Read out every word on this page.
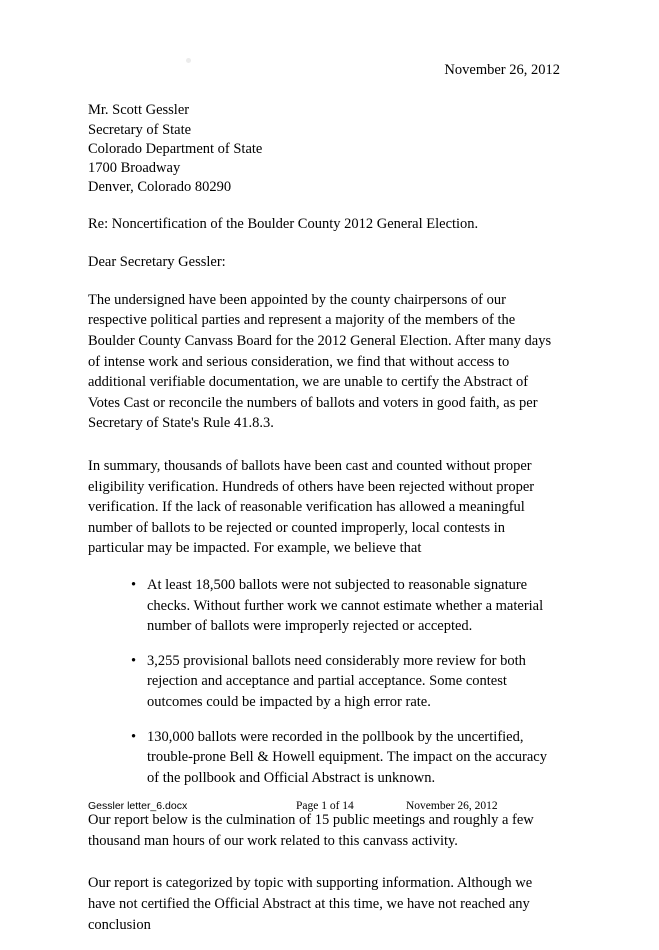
November 26, 2012
Mr. Scott Gessler
Secretary of State
Colorado Department of State
1700 Broadway
Denver, Colorado 80290
Re: Noncertification of the Boulder County 2012 General Election.
Dear Secretary Gessler:

The undersigned have been appointed by the county chairpersons of our respective political parties and represent a majority of the members of the Boulder County Canvass Board for the 2012 General Election. After many days of intense work and serious consideration, we find that without access to additional verifiable documentation, we are unable to certify the Abstract of Votes Cast or reconcile the numbers of ballots and voters in good faith, as per Secretary of State's Rule 41.8.3.

In summary, thousands of ballots have been cast and counted without proper eligibility verification. Hundreds of others have been rejected without proper verification. If the lack of reasonable verification has allowed a meaningful number of ballots to be rejected or counted improperly, local contests in particular may be impacted. For example, we believe that

• At least 18,500 ballots were not subjected to reasonable signature checks. Without further work we cannot estimate whether a material number of ballots were improperly rejected or accepted.
• 3,255 provisional ballots need considerably more review for both rejection and acceptance and partial acceptance. Some contest outcomes could be impacted by a high error rate.
• 130,000 ballots were recorded in the pollbook by the uncertified, trouble-prone Bell & Howell equipment. The impact on the accuracy of the pollbook and Official Abstract is unknown.

Our report below is the culmination of 15 public meetings and roughly a few thousand man hours of our work related to this canvass activity.

Our report is categorized by topic with supporting information. Although we have not certified the Official Abstract at this time, we have not reached any conclusion

Gessler letter_6.docx	Page 1 of 14	November 26, 2012
